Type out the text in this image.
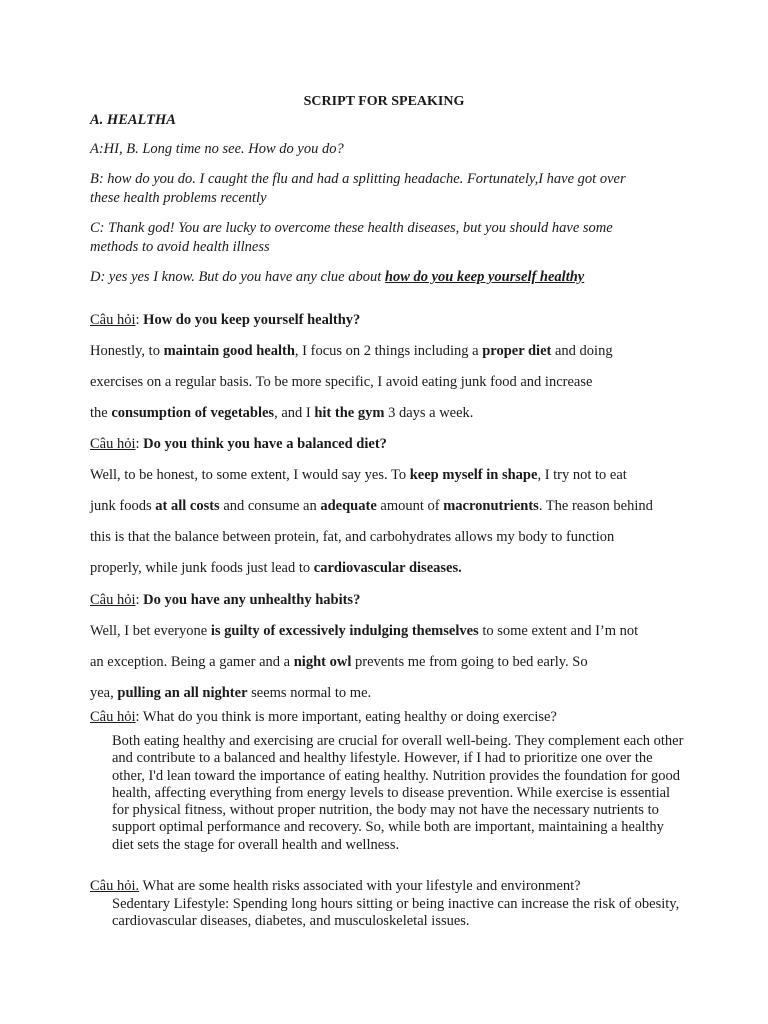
SCRIPT FOR SPEAKING
A. HEALTHA
A:HI, B. Long time no see. How do you do?
B: how do you do. I caught the flu and had a splitting headache. Fortunately,I have got over
these health problems recently
C: Thank god! You are lucky to overcome these health diseases, but you should have some
methods to avoid health illness
D: yes yes I know. But do you have any clue about how do you keep yourself healthy
Câu hỏi: How do you keep yourself healthy?
Honestly, to maintain good health, I focus on 2 things including a proper diet and doing
exercises on a regular basis. To be more specific, I avoid eating junk food and increase
the consumption of vegetables, and I hit the gym 3 days a week.
Câu hỏi: Do you think you have a balanced diet?
Well, to be honest, to some extent, I would say yes. To keep myself in shape, I try not to eat
junk foods at all costs and consume an adequate amount of macronutrients. The reason behind
this is that the balance between protein, fat, and carbohydrates allows my body to function
properly, while junk foods just lead to cardiovascular diseases.
Câu hỏi: Do you have any unhealthy habits?
Well, I bet everyone is guilty of excessively indulging themselves to some extent and I’m not
an exception. Being a gamer and a night owl prevents me from going to bed early. So
yea, pulling an all nighter seems normal to me.
Câu hỏi: What do you think is more important, eating healthy or doing exercise?
Both eating healthy and exercising are crucial for overall well-being. They complement each other and contribute to a balanced and healthy lifestyle. However, if I had to prioritize one over the other, I'd lean toward the importance of eating healthy. Nutrition provides the foundation for good health, affecting everything from energy levels to disease prevention. While exercise is essential for physical fitness, without proper nutrition, the body may not have the necessary nutrients to support optimal performance and recovery. So, while both are important, maintaining a healthy diet sets the stage for overall health and wellness.
Câu hỏi. What are some health risks associated with your lifestyle and environment?
Sedentary Lifestyle: Spending long hours sitting or being inactive can increase the risk of obesity, cardiovascular diseases, diabetes, and musculoskeletal issues.
